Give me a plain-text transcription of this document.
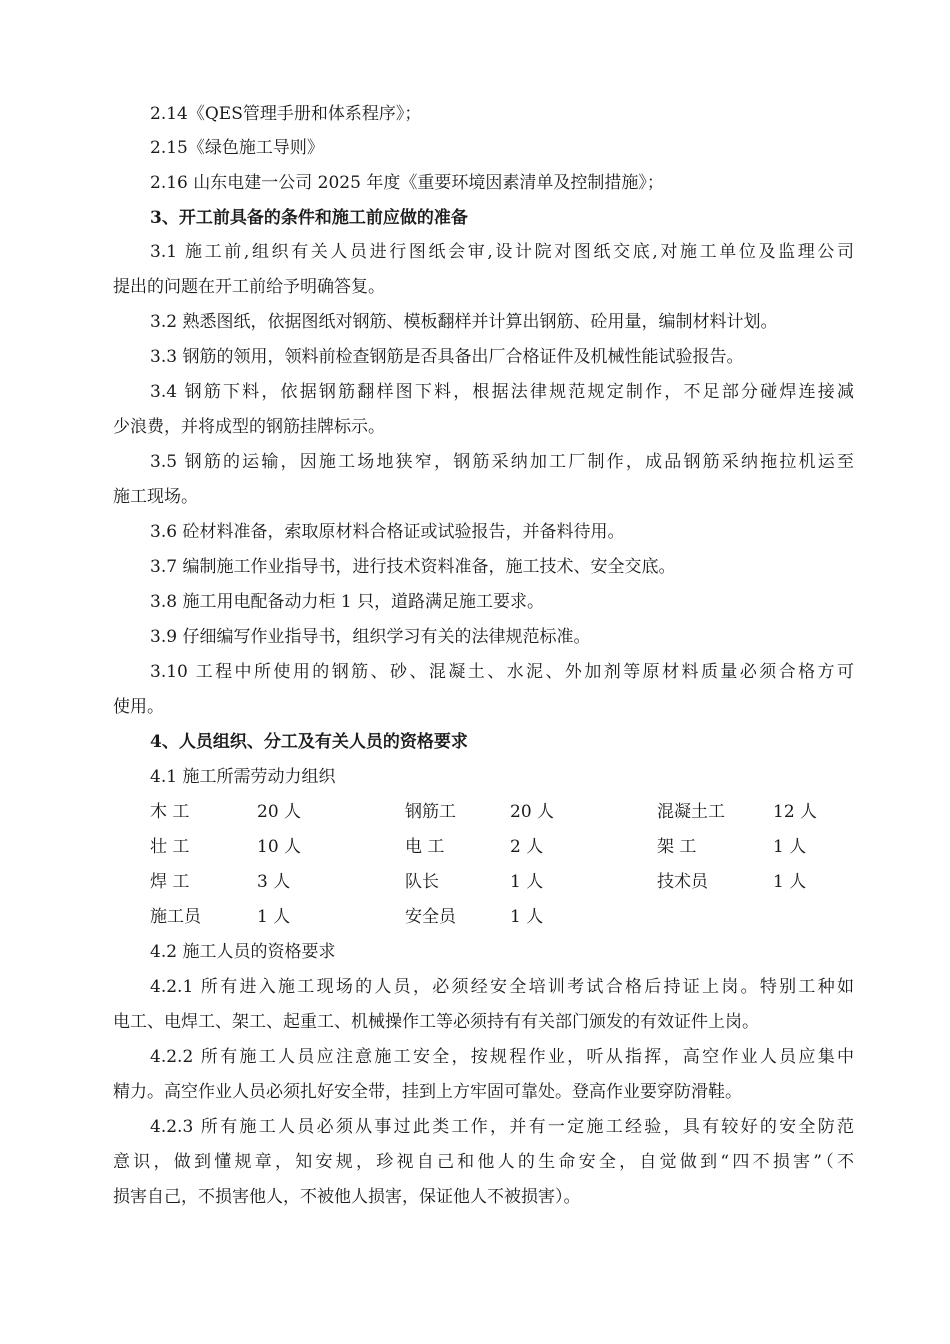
2.14《QES管理手册和体系程序》；
2.15《绿色施工导则》
2.16 山东电建一公司 2025 年度《重要环境因素清单及控制措施》；
3、开工前具备的条件和施工前应做的准备
3.1 施工前,组织有关人员进行图纸会审,设计院对图纸交底,对施工单位及监理公司
提出的问题在开工前给予明确答复。
3.2 熟悉图纸，依据图纸对钢筋、模板翻样并计算出钢筋、砼用量，编制材料计划。
3.3 钢筋的领用，领料前检查钢筋是否具备出厂合格证件及机械性能试验报告。
3.4 钢筋下料，依据钢筋翻样图下料，根据法律规范规定制作，不足部分碰焊连接减
少浪费，并将成型的钢筋挂牌标示。
3.5 钢筋的运输，因施工场地狭窄，钢筋采纳加工厂制作，成品钢筋采纳拖拉机运至
施工现场。
3.6 砼材料准备，索取原材料合格证或试验报告，并备料待用。
3.7 编制施工作业指导书，进行技术资料准备，施工技术、安全交底。
3.8 施工用电配备动力柜 1 只，道路满足施工要求。
3.9 仔细编写作业指导书，组织学习有关的法律规范标准。
3.10 工程中所使用的钢筋、砂、混凝土、水泥、外加剂等原材料质量必须合格方可
使用。
4、人员组织、分工及有关人员的资格要求
4.1 施工所需劳动力组织
木 工	20 人	钢筋工	20 人	混凝土工	12 人
壮 工	10 人	电 工	2 人	架 工	1 人
焊 工	3 人	队长	1 人	技术员	1 人
施工员	1 人	安全员	1 人
4.2 施工人员的资格要求
4.2.1 所有进入施工现场的人员，必须经安全培训考试合格后持证上岗。特别工种如
电工、电焊工、架工、起重工、机械操作工等必须持有有关部门颁发的有效证件上岗。
4.2.2 所有施工人员应注意施工安全，按规程作业，听从指挥，高空作业人员应集中
精力。高空作业人员必须扎好安全带，挂到上方牢固可靠处。登高作业要穿防滑鞋。
4.2.3 所有施工人员必须从事过此类工作，并有一定施工经验，具有较好的安全防范
意识，做到懂规章，知安规，珍视自己和他人的生命安全，自觉做到“四不损害”（不
损害自己，不损害他人，不被他人损害，保证他人不被损害）。
